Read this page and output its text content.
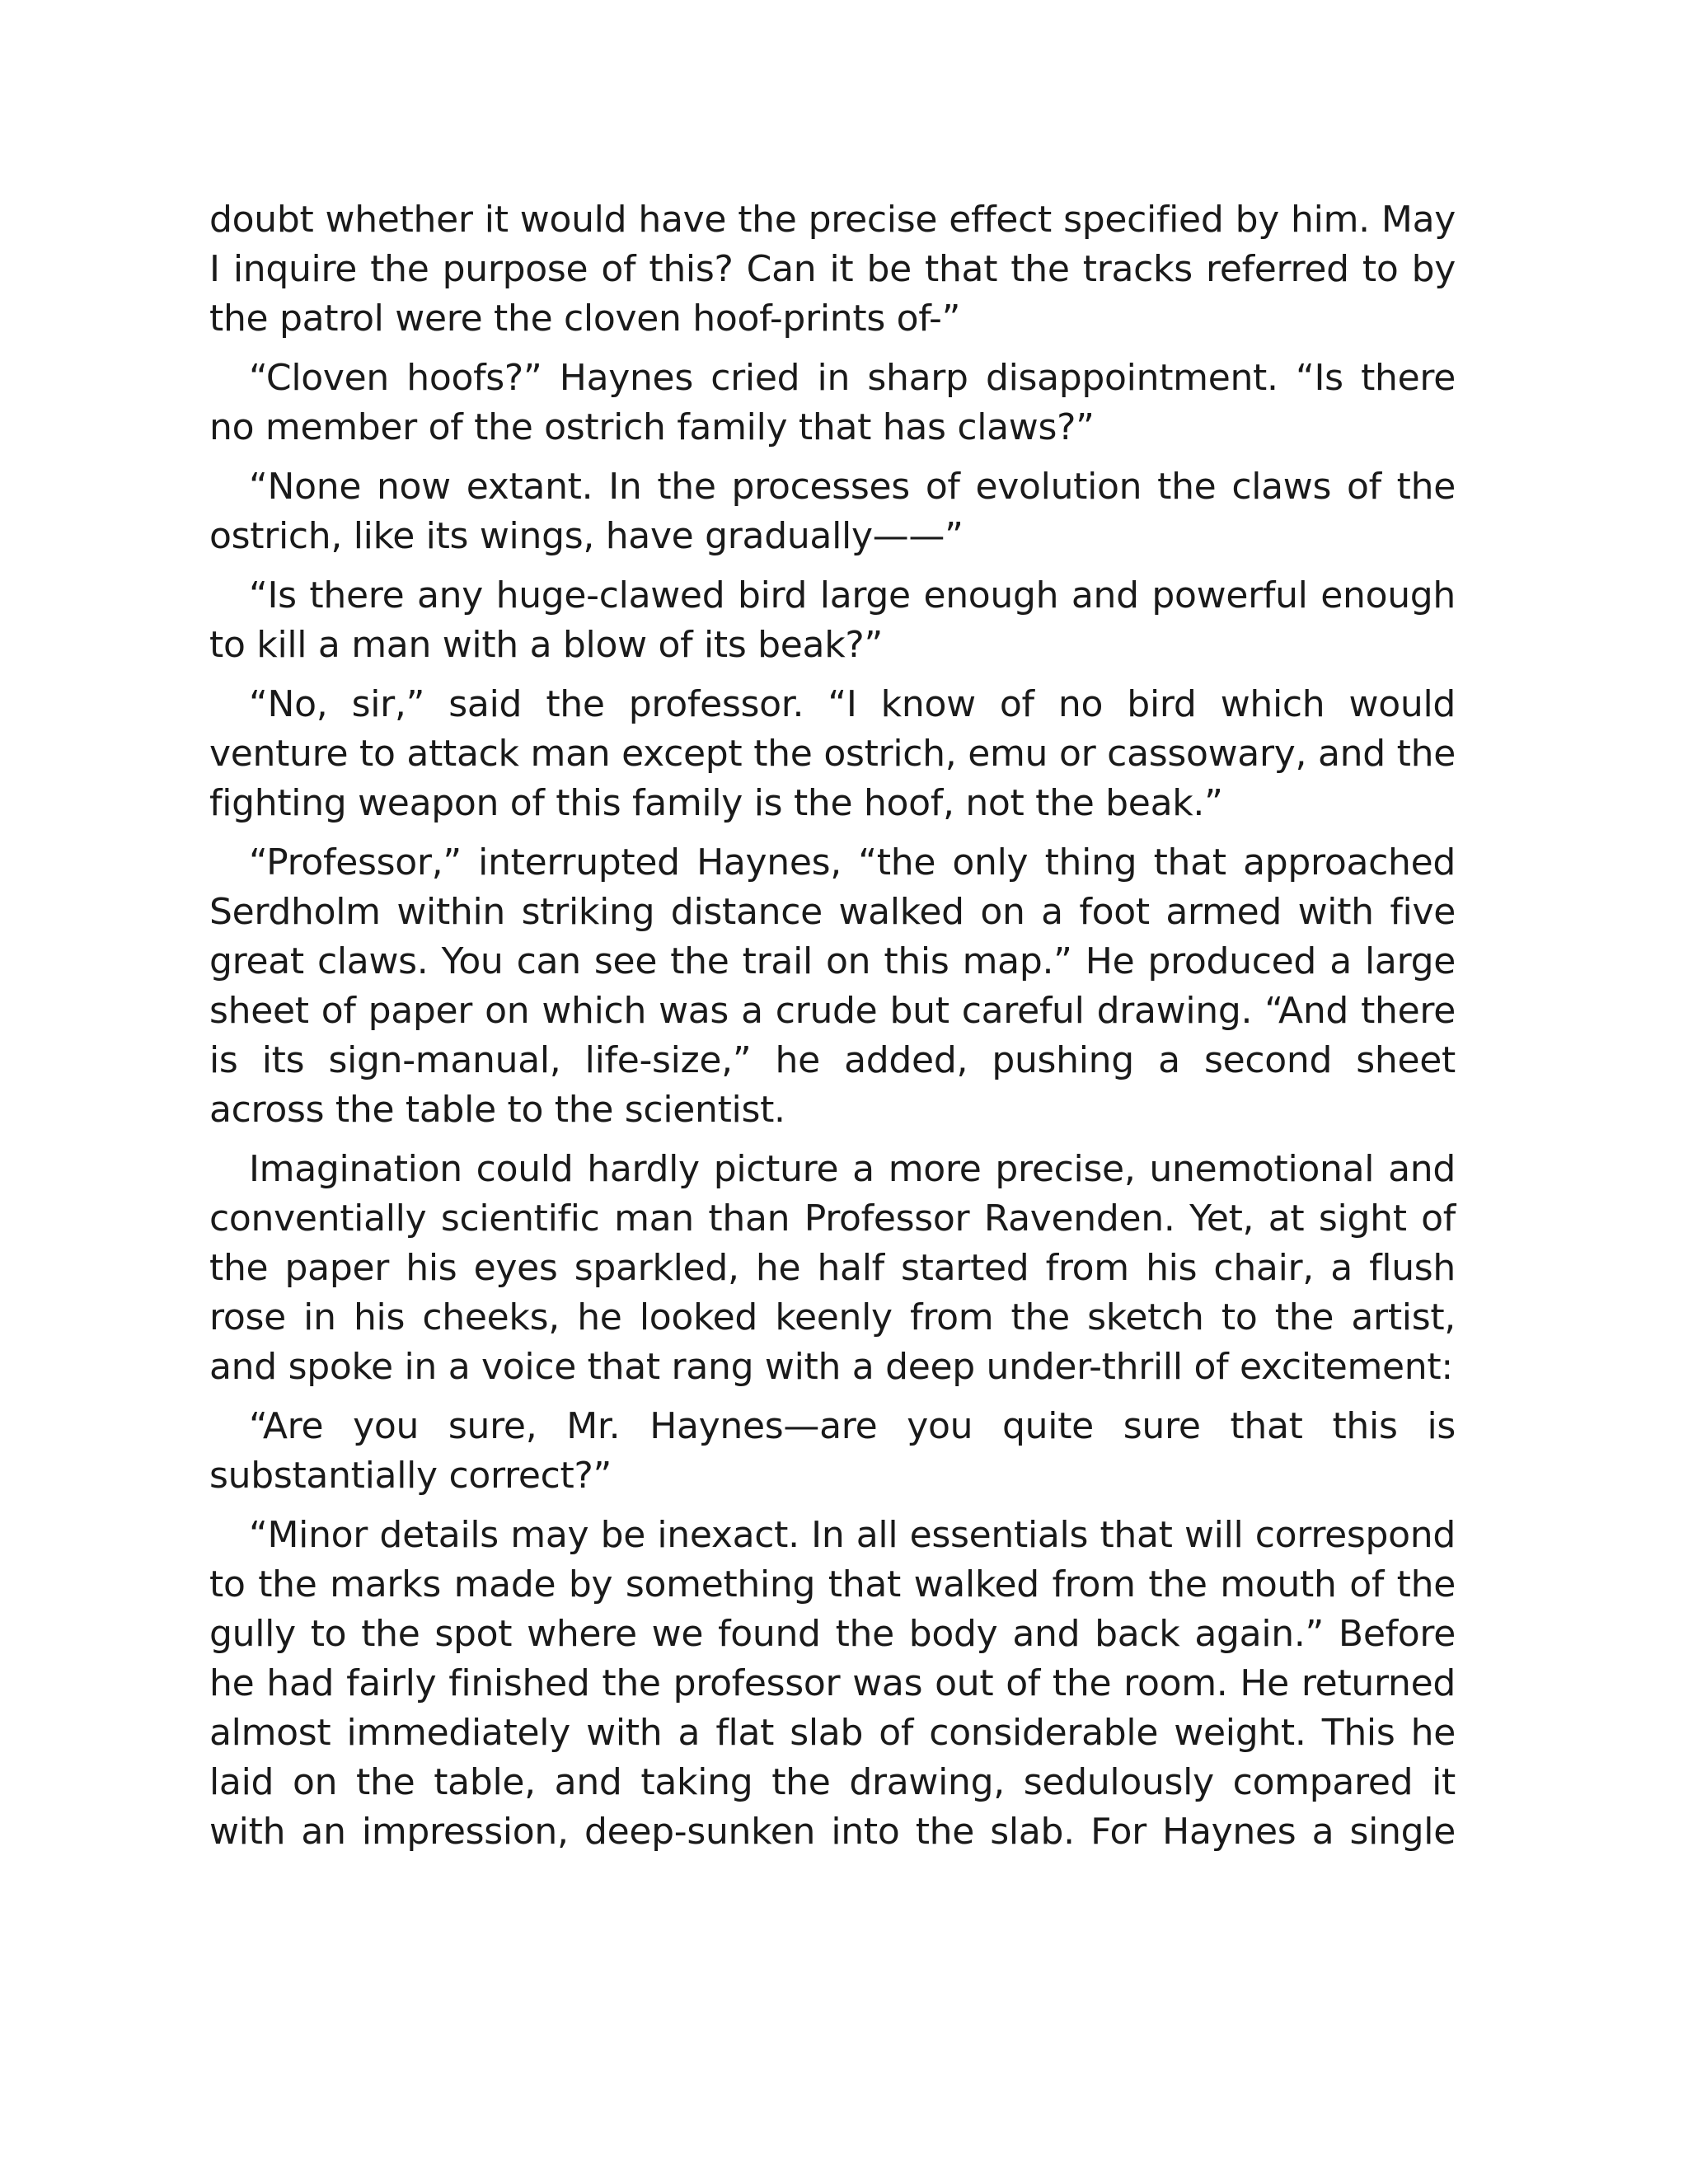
doubt whether it would have the precise effect specified by him. May I inquire the purpose of this? Can it be that the tracks referred to by the patrol were the cloven hoof-prints of-”

“Cloven hoofs?” Haynes cried in sharp disappointment. “Is there no member of the ostrich family that has claws?”

“None now extant. In the processes of evolution the claws of the ostrich, like its wings, have gradually——”

“Is there any huge-clawed bird large enough and powerful enough to kill a man with a blow of its beak?”

“No, sir,” said the professor. “I know of no bird which would venture to attack man except the ostrich, emu or cassowary, and the fighting weapon of this family is the hoof, not the beak.”

“Professor,” interrupted Haynes, “the only thing that approached Serdholm within striking distance walked on a foot armed with five great claws. You can see the trail on this map.” He produced a large sheet of paper on which was a crude but careful drawing. “And there is its sign-manual, life-size,” he added, pushing a second sheet across the table to the scientist.

Imagination could hardly picture a more precise, unemotional and conventially scientific man than Professor Ravenden. Yet, at sight of the paper his eyes sparkled, he half started from his chair, a flush rose in his cheeks, he looked keenly from the sketch to the artist, and spoke in a voice that rang with a deep under-thrill of excitement:

“Are you sure, Mr. Haynes—are you quite sure that this is substantially correct?”

“Minor details may be inexact. In all essentials that will correspond to the marks made by something that walked from the mouth of the gully to the spot where we found the body and back again.” Before he had fairly finished the professor was out of the room. He returned almost immediately with a flat slab of considerable weight. This he laid on the table, and taking the drawing, sedulously compared it with an impression, deep-sunken into the slab. For Haynes a single
